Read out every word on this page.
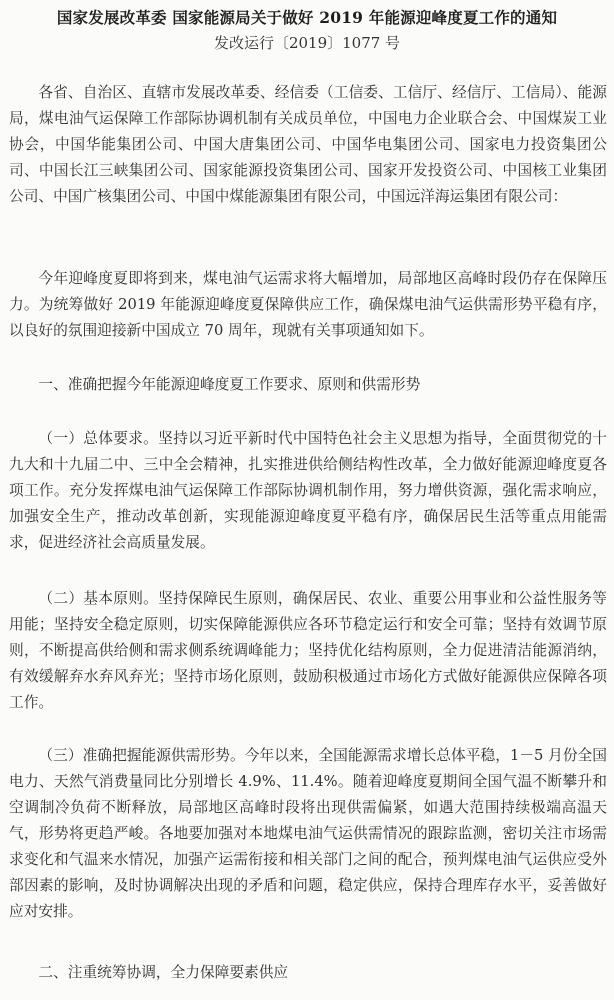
国家发展改革委 国家能源局关于做好 2019 年能源迎峰度夏工作的通知
发改运行〔2019〕1077 号
各省、自治区、直辖市发展改革委、经信委（工信委、工信厅、经信厅、工信局）、能源局，煤电油气运保障工作部际协调机制有关成员单位，中国电力企业联合会、中国煤炭工业协会，中国华能集团公司、中国大唐集团公司、中国华电集团公司、国家电力投资集团公司、中国长江三峡集团公司、国家能源投资集团公司、国家开发投资公司、中国核工业集团公司、中国广核集团公司、中国中煤能源集团有限公司，中国远洋海运集团有限公司：
今年迎峰度夏即将到来，煤电油气运需求将大幅增加，局部地区高峰时段仍存在保障压力。为统筹做好 2019 年能源迎峰度夏保障供应工作，确保煤电油气运供需形势平稳有序，以良好的氛围迎接新中国成立 70 周年，现就有关事项通知如下。
一、准确把握今年能源迎峰度夏工作要求、原则和供需形势
（一）总体要求。坚持以习近平新时代中国特色社会主义思想为指导，全面贯彻党的十九大和十九届二中、三中全会精神，扎实推进供给侧结构性改革，全力做好能源迎峰度夏各项工作。充分发挥煤电油气运保障工作部际协调机制作用，努力增供资源，强化需求响应，加强安全生产，推动改革创新，实现能源迎峰度夏平稳有序，确保居民生活等重点用能需求，促进经济社会高质量发展。
（二）基本原则。坚持保障民生原则，确保居民、农业、重要公用事业和公益性服务等用能；坚持安全稳定原则，切实保障能源供应各环节稳定运行和安全可靠；坚持有效调节原则，不断提高供给侧和需求侧系统调峰能力；坚持优化结构原则，全力促进清洁能源消纳，有效缓解弃水弃风弃光；坚持市场化原则，鼓励积极通过市场化方式做好能源供应保障各项工作。
（三）准确把握能源供需形势。今年以来，全国能源需求增长总体平稳，1－5 月份全国电力、天然气消费量同比分别增长 4.9%、11.4%。随着迎峰度夏期间全国气温不断攀升和空调制冷负荷不断释放，局部地区高峰时段将出现供需偏紧，如遇大范围持续极端高温天气，形势将更趋严峻。各地要加强对本地煤电油气运供需情况的跟踪监测，密切关注市场需求变化和气温来水情况，加强产运需衔接和相关部门之间的配合，预判煤电油气运供应受外部因素的影响，及时协调解决出现的矛盾和问题，稳定供应，保持合理库存水平，妥善做好应对安排。
二、注重统筹协调，全力保障要素供应
